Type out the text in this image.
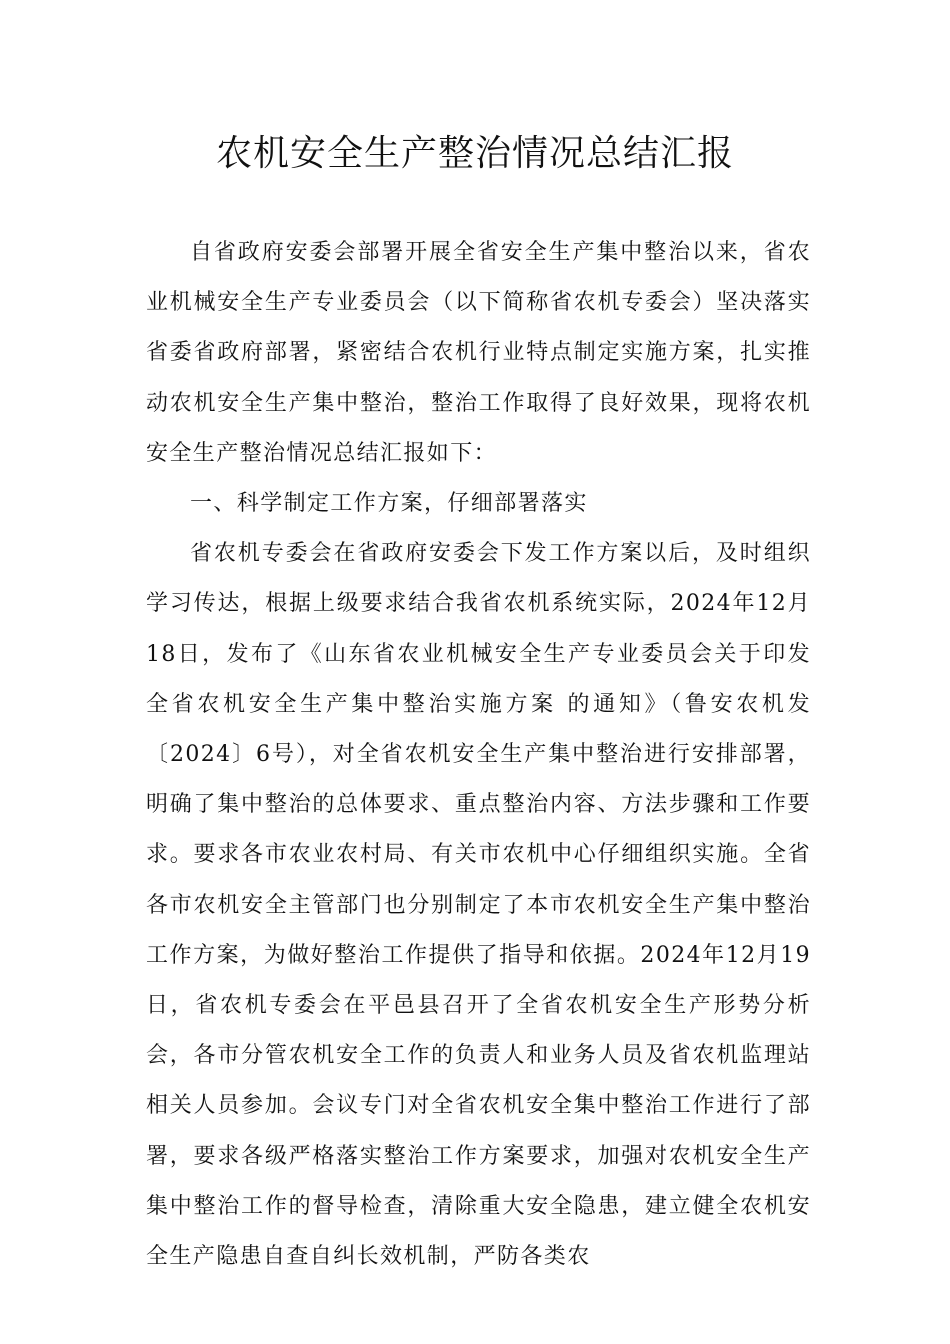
农机安全生产整治情况总结汇报

自省政府安委会部署开展全省安全生产集中整治以来，省农业机械安全生产专业委员会（以下简称省农机专委会）坚决落实省委省政府部署，紧密结合农机行业特点制定实施方案，扎实推动农机安全生产集中整治，整治工作取得了良好效果，现将农机安全生产整治情况总结汇报如下：

一、科学制定工作方案，仔细部署落实

省农机专委会在省政府安委会下发工作方案以后，及时组织学习传达，根据上级要求结合我省农机系统实际，2024年12月18日，发布了《山东省农业机械安全生产专业委员会关于印发 全省农机安全生产集中整治实施方案 的通知》（鲁安农机发〔2024〕6号），对全省农机安全生产集中整治进行安排部署，明确了集中整治的总体要求、重点整治内容、方法步骤和工作要求。要求各市农业农村局、有关市农机中心仔细组织实施。全省各市农机安全主管部门也分别制定了本市农机安全生产集中整治工作方案，为做好整治工作提供了指导和依据。2024年12月19日，省农机专委会在平邑县召开了全省农机安全生产形势分析会，各市分管农机安全工作的负责人和业务人员及省农机监理站相关人员参加。会议专门对全省农机安全集中整治工作进行了部署，要求各级严格落实整治工作方案要求，加强对农机安全生产集中整治工作的督导检查，清除重大安全隐患，建立健全农机安全生产隐患自查自纠长效机制，严防各类农
